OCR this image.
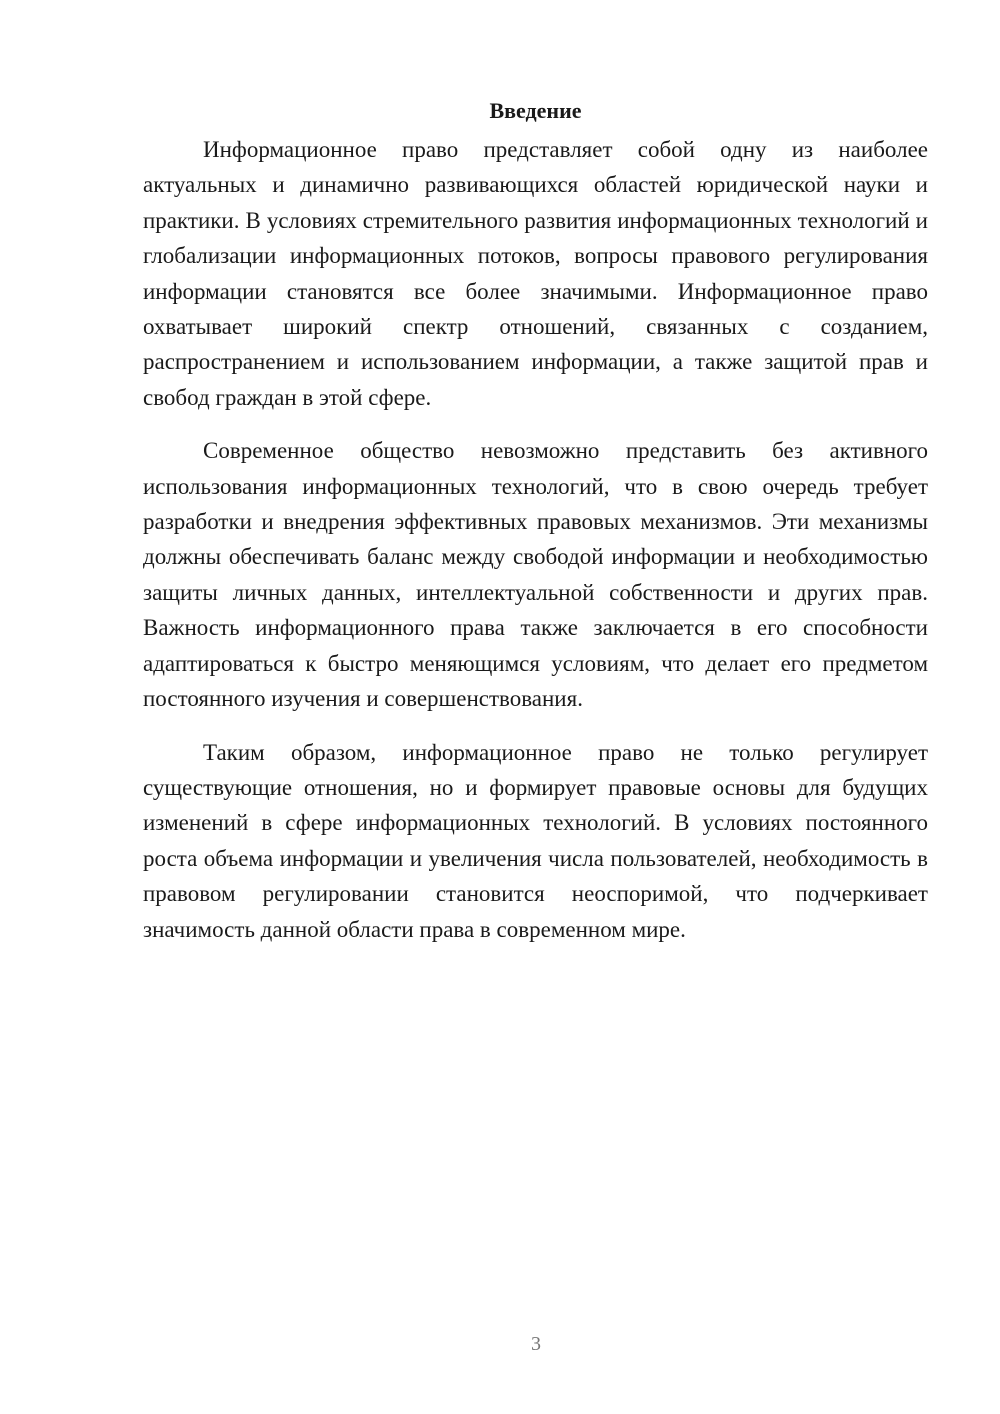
Введение

Информационное право представляет собой одну из наиболее актуальных и динамично развивающихся областей юридической науки и практики. В условиях стремительного развития информационных технологий и глобализации информационных потоков, вопросы правового регулирования информации становятся все более значимыми. Информационное право охватывает широкий спектр отношений, связанных с созданием, распространением и использованием информации, а также защитой прав и свобод граждан в этой сфере.

Современное общество невозможно представить без активного использования информационных технологий, что в свою очередь требует разработки и внедрения эффективных правовых механизмов. Эти механизмы должны обеспечивать баланс между свободой информации и необходимостью защиты личных данных, интеллектуальной собственности и других прав. Важность информационного права также заключается в его способности адаптироваться к быстро меняющимся условиям, что делает его предметом постоянного изучения и совершенствования.

Таким образом, информационное право не только регулирует существующие отношения, но и формирует правовые основы для будущих изменений в сфере информационных технологий. В условиях постоянного роста объема информации и увеличения числа пользователей, необходимость в правовом регулировании становится неоспоримой, что подчеркивает значимость данной области права в современном мире.

3
